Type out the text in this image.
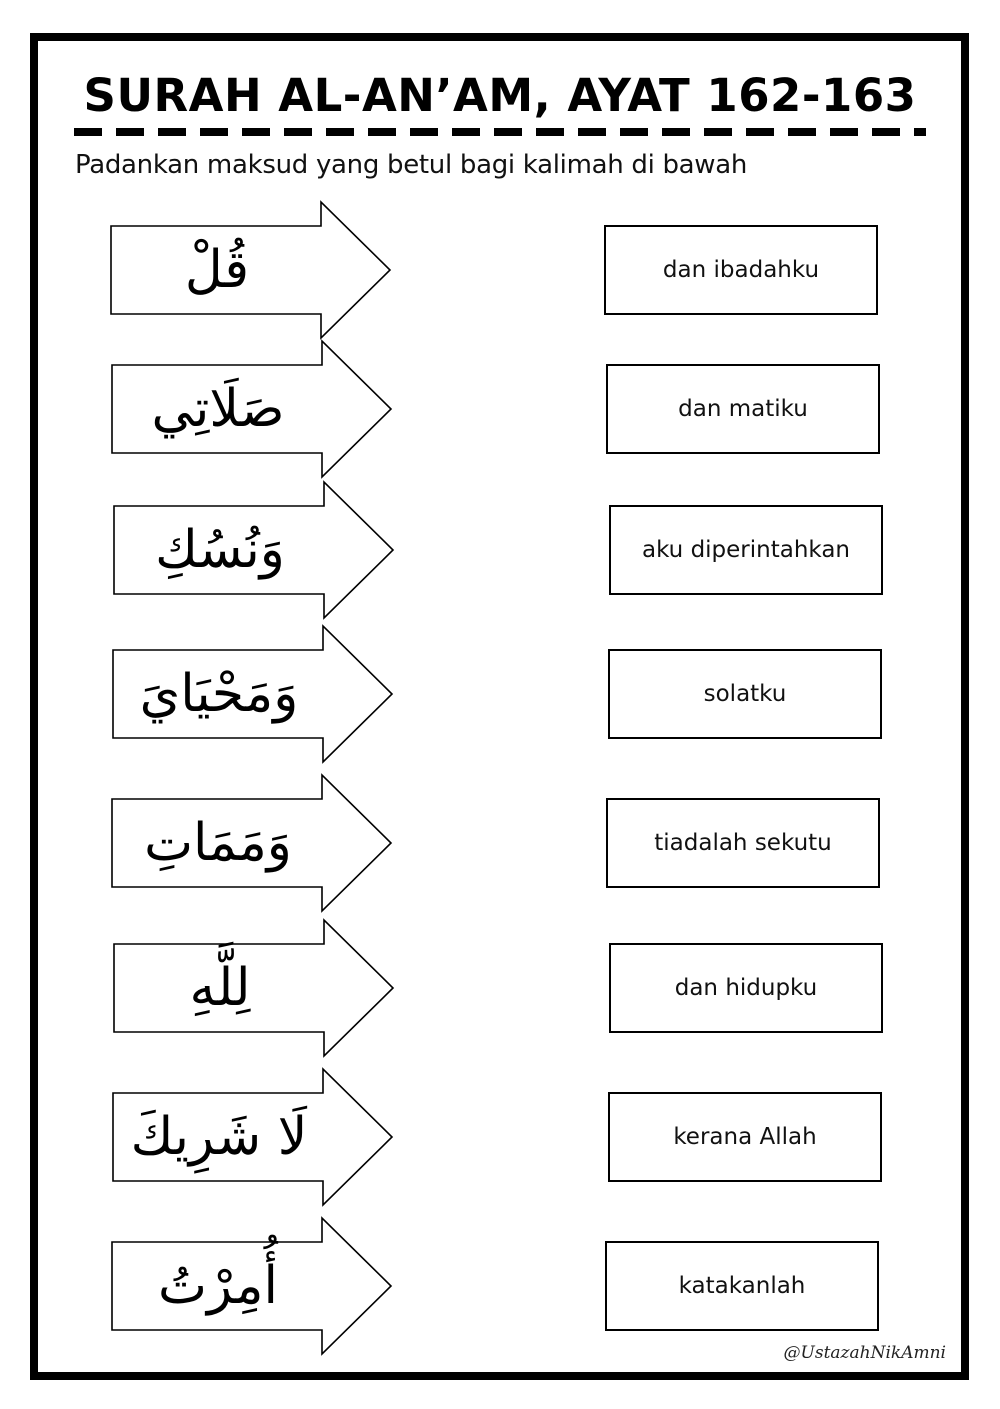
SURAH AL-AN’AM, AYAT 162-163
Padankan maksud yang betul bagi kalimah di bawah
قُلْ
صَلَاتِي
وَنُسُكِ
وَمَحْيَايَ
وَمَمَاتِ
لِلَّهِ
لَا شَرِيكَ
أُمِرْتُ
dan ibadahku
dan matiku
aku diperintahkan
solatku
tiadalah sekutu
dan hidupku
kerana Allah
katakanlah
@UstazahNikAmni
